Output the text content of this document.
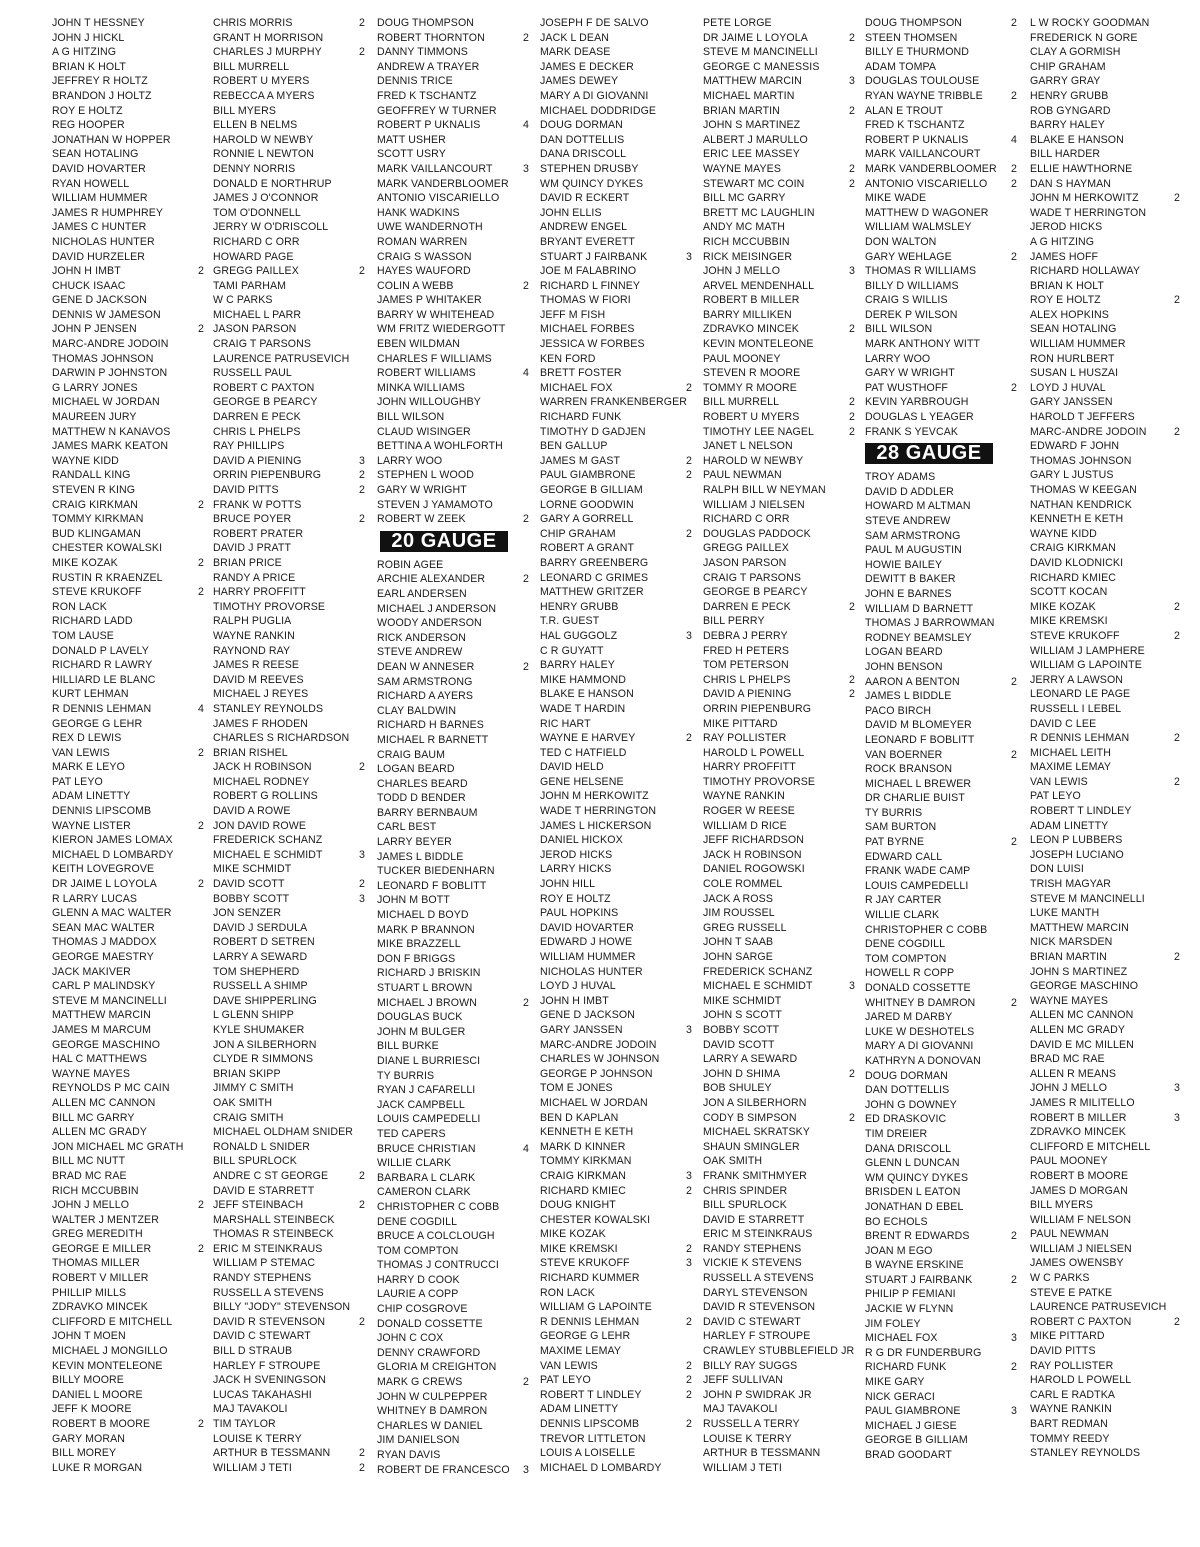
JOHN T HESSNEY
JOHN J HICKL
A G HITZING
BRIAN K HOLT
JEFFREY R HOLTZ
BRANDON J HOLTZ
ROY E HOLTZ
REG HOOPER
JONATHAN W HOPPER
SEAN HOTALING
DAVID HOVARTER
RYAN HOWELL
WILLIAM HUMMER
JAMES R HUMPHREY
JAMES C HUNTER
NICHOLAS HUNTER
DAVID HURZELER
JOHN H IMBT	2
CHUCK ISAAC
GENE D JACKSON
DENNIS W JAMESON
JOHN P JENSEN	2
MARC-ANDRE JODOIN
THOMAS JOHNSON
DARWIN P JOHNSTON
G LARRY JONES
MICHAEL W JORDAN
MAUREEN JURY
MATTHEW N KANAVOS
JAMES MARK KEATON
WAYNE KIDD
RANDALL KING
STEVEN R KING
CRAIG KIRKMAN	2
TOMMY KIRKMAN
BUD KLINGAMAN
CHESTER KOWALSKI
MIKE KOZAK	2
RUSTIN R KRAENZEL
STEVE KRUKOFF	2
RON LACK
RICHARD LADD
TOM LAUSE
DONALD P LAVELY
RICHARD R LAWRY
HILLIARD LE BLANC
KURT LEHMAN
R DENNIS LEHMAN	4
GEORGE G LEHR
REX D LEWIS
VAN LEWIS	2
MARK E LEYO
PAT LEYO
ADAM LINETTY
DENNIS LIPSCOMB
WAYNE LISTER	2
KIERON JAMES LOMAX
MICHAEL D LOMBARDY
KEITH LOVEGROVE
DR JAIME L LOYOLA	2
R LARRY LUCAS
GLENN A MAC WALTER
SEAN MAC WALTER
THOMAS J MADDOX
GEORGE MAESTRY
JACK MAKIVER
CARL P MALINDSKY
STEVE M MANCINELLI
MATTHEW MARCIN
JAMES M MARCUM
GEORGE MASCHINO
HAL C MATTHEWS
WAYNE MAYES
REYNOLDS P MC CAIN
ALLEN MC CANNON
BILL MC GARRY
ALLEN MC GRADY
JON MICHAEL MC GRATH
BILL MC NUTT
BRAD MC RAE
RICH MCCUBBIN
JOHN J MELLO	2
WALTER J MENTZER
GREG MEREDITH
GEORGE E MILLER	2
THOMAS MILLER
ROBERT V MILLER
PHILLIP MILLS
ZDRAVKO MINCEK
CLIFFORD E MITCHELL
JOHN T MOEN
MICHAEL J MONGILLO
KEVIN MONTELEONE
BILLY MOORE
DANIEL L MOORE
JEFF K MOORE
ROBERT B MOORE	2
GARY MORAN
BILL MOREY
LUKE R MORGAN
CHRIS MORRIS	2
GRANT H MORRISON
CHARLES J MURPHY	2
BILL MURRELL
ROBERT U MYERS
REBECCA A MYERS
BILL MYERS
ELLEN B NELMS
HAROLD W NEWBY
RONNIE L NEWTON
DENNY NORRIS
DONALD E NORTHRUP
JAMES J O'CONNOR
TOM O'DONNELL
JERRY W O'DRISCOLL
RICHARD C ORR
HOWARD PAGE
GREGG PAILLEX	2
TAMI PARHAM
W C PARKS
MICHAEL L PARR
JASON PARSON
CRAIG T PARSONS
LAURENCE PATRUSEVICH
RUSSELL PAUL
ROBERT C PAXTON
GEORGE B PEARCY
DARREN E PECK
CHRIS L PHELPS
RAY PHILLIPS
DAVID A PIENING	3
ORRIN PIEPENBURG	2
DAVID PITTS	2
FRANK W POTTS
BRUCE POYER	2
ROBERT PRATER
DAVID J PRATT
BRIAN PRICE
RANDY A PRICE
HARRY PROFFITT
TIMOTHY PROVORSE
RALPH PUGLIA
WAYNE RANKIN
RAYNOND RAY
JAMES R REESE
DAVID M REEVES
MICHAEL J REYES
STANLEY REYNOLDS
JAMES F RHODEN
CHARLES S RICHARDSON
BRIAN RISHEL
JACK H ROBINSON	2
MICHAEL RODNEY
ROBERT G ROLLINS
DAVID A ROWE
JON DAVID ROWE
FREDERICK SCHANZ
MICHAEL E SCHMIDT	3
MIKE SCHMIDT
DAVID SCOTT	2
BOBBY SCOTT	3
JON SENZER
DAVID J SERDULA
ROBERT D SETREN
LARRY A SEWARD
TOM SHEPHERD
RUSSELL A SHIMP
DAVE SHIPPERLING
L GLENN SHIPP
KYLE SHUMAKER
JON A SILBERHORN
CLYDE R SIMMONS
BRIAN SKIPP
JIMMY C SMITH
OAK SMITH
CRAIG SMITH
MICHAEL OLDHAM SNIDER
RONALD L SNIDER
BILL SPURLOCK
ANDRE C ST GEORGE	2
DAVID E STARRETT
JEFF STEINBACH	2
MARSHALL STEINBECK
THOMAS R STEINBECK
ERIC M STEINKRAUS
WILLIAM P STEMAC
RANDY STEPHENS
RUSSELL A STEVENS
BILLY "JODY" STEVENSON
DAVID R STEVENSON	2
DAVID C STEWART
BILL D STRAUB
HARLEY F STROUPE
JACK H SVENINGSON
LUCAS TAKAHASHI
MAJ TAVAKOLI
TIM TAYLOR
LOUISE K TERRY
ARTHUR B TESSMANN	2
WILLIAM J TETI	2
DOUG THOMPSON
ROBERT THORNTON	2
DANNY TIMMONS
ANDREW A TRAYER
DENNIS TRICE
FRED K TSCHANTZ
GEOFFREY W TURNER
ROBERT P UKNALIS	4
MATT USHER
SCOTT USRY
MARK VAILLANCOURT	3
MARK VANDERBLOOMER
ANTONIO VISCARIELLO
HANK WADKINS
UWE WANDERNOTH
ROMAN WARREN
CRAIG S WASSON
HAYES WAUFORD
COLIN A WEBB	2
JAMES P WHITAKER
BARRY W WHITEHEAD
WM FRITZ WIEDERGOTT
EBEN WILDMAN
CHARLES F WILLIAMS
ROBERT WILLIAMS	4
MINKA WILLIAMS
JOHN WILLOUGHBY
BILL WILSON
CLAUD WISINGER
BETTINA A WOHLFORTH
LARRY WOO
STEPHEN L WOOD
GARY W WRIGHT
STEVEN J YAMAMOTO
ROBERT W ZEEK	2
20 GAUGE
ROBIN AGEE
ARCHIE ALEXANDER	2
EARL ANDERSEN
MICHAEL J ANDERSON
WOODY ANDERSON
RICK ANDERSON
STEVE ANDREW
DEAN W ANNESER	2
SAM ARMSTRONG
RICHARD A AYERS
CLAY BALDWIN
RICHARD H BARNES
MICHAEL R BARNETT
CRAIG BAUM
LOGAN BEARD
CHARLES BEARD
TODD D BENDER
BARRY BERNBAUM
CARL BEST
LARRY BEYER
JAMES L BIDDLE
TUCKER BIEDENHARN
LEONARD F BOBLITT
JOHN M BOTT
MICHAEL D BOYD
MARK P BRANNON
MIKE BRAZZELL
DON F BRIGGS
RICHARD J BRISKIN
STUART L BROWN
MICHAEL J BROWN	2
DOUGLAS BUCK
JOHN M BULGER
BILL BURKE
DIANE L BURRIESCI
TY BURRIS
RYAN J CAFARELLI
JACK CAMPBELL
LOUIS CAMPEDELLI
TED CAPERS
BRUCE CHRISTIAN	4
WILLIE CLARK
BARBARA L CLARK
CAMERON CLARK
CHRISTOPHER C COBB
DENE COGDILL
BRUCE A COLCLOUGH
TOM COMPTON
THOMAS J CONTRUCCI
HARRY D COOK
LAURIE A COPP
CHIP COSGROVE
DONALD COSSETTE
JOHN C COX
DENNY CRAWFORD
GLORIA M CREIGHTON
MARK G CREWS	2
JOHN W CULPEPPER
WHITNEY B DAMRON
CHARLES W DANIEL
JIM DANIELSON
RYAN DAVIS
ROBERT DE FRANCESCO	3
JOSEPH F DE SALVO
JACK L DEAN
MARK DEASE
JAMES E DECKER
JAMES DEWEY
MARY A DI GIOVANNI
MICHAEL DODDRIDGE
DOUG DORMAN
DAN DOTTELLIS
DANA DRISCOLL
STEPHEN DRUSBY
WM QUINCY DYKES
DAVID R ECKERT
JOHN ELLIS
ANDREW ENGEL
BRYANT EVERETT
STUART J FAIRBANK	3
JOE M FALABRINO
RICHARD L FINNEY
THOMAS W FIORI
JEFF M FISH
MICHAEL FORBES
JESSICA W FORBES
KEN FORD
BRETT FOSTER
MICHAEL FOX	2
WARREN FRANKENBERGER
RICHARD FUNK
TIMOTHY D GADJEN
BEN GALLUP
JAMES M GAST	2
PAUL GIAMBRONE	2
GEORGE B GILLIAM
LORNE GOODWIN
GARY A GORRELL
CHIP GRAHAM	2
ROBERT A GRANT
BARRY GREENBERG
LEONARD C GRIMES
MATTHEW GRITZER
HENRY GRUBB
T.R. GUEST
HAL GUGGOLZ	3
C R GUYATT
BARRY HALEY
MIKE HAMMOND
BLAKE E HANSON
WADE T HARDIN
RIC HART
WAYNE E HARVEY	2
TED C HATFIELD
DAVID HELD
GENE HELSENE
JOHN M HERKOWITZ
WADE T HERRINGTON
JAMES L HICKERSON
DANIEL HICKOX
JEROD HICKS
LARRY HICKS
JOHN HILL
ROY E HOLTZ
PAUL HOPKINS
DAVID HOVARTER
EDWARD J HOWE
WILLIAM HUMMER
NICHOLAS HUNTER
LOYD J HUVAL
JOHN H IMBT
GENE D JACKSON
GARY JANSSEN	3
MARC-ANDRE JODOIN
CHARLES W JOHNSON
GEORGE P JOHNSON
TOM E JONES
MICHAEL W JORDAN
BEN D KAPLAN
KENNETH E KETH
MARK D KINNER
TOMMY KIRKMAN
CRAIG KIRKMAN	3
RICHARD KMIEC	2
DOUG KNIGHT
CHESTER KOWALSKI
MIKE KOZAK
MIKE KREMSKI	2
STEVE KRUKOFF	3
RICHARD KUMMER
RON LACK
WILLIAM G LAPOINTE
R DENNIS LEHMAN	2
GEORGE G LEHR
MAXIME LEMAY
VAN LEWIS	2
PAT LEYO	2
ROBERT T LINDLEY	2
ADAM LINETTY
DENNIS LIPSCOMB	2
TREVOR LITTLETON
LOUIS A LOISELLE
MICHAEL D LOMBARDY
PETE LORGE
DR JAIME L LOYOLA	2
STEVE M MANCINELLI
GEORGE C MANESSIS
MATTHEW MARCIN	3
MICHAEL MARTIN
BRIAN MARTIN	2
JOHN S MARTINEZ
ALBERT J MARULLO
ERIC LEE MASSEY
WAYNE MAYES	2
STEWART MC COIN	2
BILL MC GARRY
BRETT MC LAUGHLIN
ANDY MC MATH
RICH MCCUBBIN
RICK MEISINGER
JOHN J MELLO	3
ARVEL MENDENHALL
ROBERT B MILLER
BARRY MILLIKEN
ZDRAVKO MINCEK	2
KEVIN MONTELEONE
PAUL MOONEY
STEVEN R MOORE
TOMMY R MOORE
BILL MURRELL	2
ROBERT U MYERS	2
TIMOTHY LEE NAGEL	2
JANET L NELSON
HAROLD W NEWBY
PAUL NEWMAN
RALPH BILL W NEYMAN
WILLIAM J NIELSEN
RICHARD C ORR
DOUGLAS PADDOCK
GREGG PAILLEX
JASON PARSON
CRAIG T PARSONS
GEORGE B PEARCY
DARREN E PECK	2
BILL PERRY
DEBRA J PERRY
FRED H PETERS
TOM PETERSON
CHRIS L PHELPS	2
DAVID A PIENING	2
ORRIN PIEPENBURG
MIKE PITTARD
RAY POLLISTER
HAROLD L POWELL
HARRY PROFFITT
TIMOTHY PROVORSE
WAYNE RANKIN
ROGER W REESE
WILLIAM D RICE
JEFF RICHARDSON
JACK H ROBINSON
DANIEL ROGOWSKI
COLE ROMMEL
JACK A ROSS
JIM ROUSSEL
GREG RUSSELL
JOHN T SAAB
JOHN SARGE
FREDERICK SCHANZ
MICHAEL E SCHMIDT	3
MIKE SCHMIDT
JOHN S SCOTT
BOBBY SCOTT
DAVID SCOTT
LARRY A SEWARD
JOHN D SHIMA	2
BOB SHULEY
JON A SILBERHORN
CODY B SIMPSON	2
MICHAEL SKRATSKY
SHAUN SMINGLER
OAK SMITH
FRANK SMITHMYER
CHRIS SPINDER
BILL SPURLOCK
DAVID E STARRETT
ERIC M STEINKRAUS
RANDY STEPHENS
VICKIE K STEVENS
RUSSELL A STEVENS
DARYL STEVENSON
DAVID R STEVENSON
DAVID C STEWART
HARLEY F STROUPE
CRAWLEY STUBBLEFIELD JR
BILLY RAY SUGGS
JEFF SULLIVAN
JOHN P SWIDRAK JR
MAJ TAVAKOLI
RUSSELL A TERRY
LOUISE K TERRY
ARTHUR B TESSMANN
WILLIAM J TETI
DOUG THOMPSON	2
STEEN THOMSEN
BILLY E THURMOND
ADAM TOMPA
DOUGLAS TOULOUSE
RYAN WAYNE TRIBBLE	2
ALAN E TROUT
FRED K TSCHANTZ
ROBERT P UKNALIS	4
MARK VAILLANCOURT
MARK VANDERBLOOMER	2
ANTONIO VISCARIELLO	2
MIKE WADE
MATTHEW D WAGONER
WILLIAM WALMSLEY
DON WALTON
GARY WEHLAGE	2
THOMAS R WILLIAMS
BILLY D WILLIAMS
CRAIG S WILLIS
DEREK P WILSON
BILL WILSON
MARK ANTHONY WITT
LARRY WOO
GARY W WRIGHT
PAT WUSTHOFF	2
KEVIN YARBROUGH
DOUGLAS L YEAGER
FRANK S YEVCAK
28 GAUGE
TROY ADAMS
DAVID D ADDLER
HOWARD M ALTMAN
STEVE ANDREW
SAM ARMSTRONG
PAUL M AUGUSTIN
HOWIE BAILEY
DEWITT B BAKER
JOHN E BARNES
WILLIAM D BARNETT
THOMAS J BARROWMAN
RODNEY BEAMSLEY
LOGAN BEARD
JOHN BENSON
AARON A BENTON	2
JAMES L BIDDLE
PACO BIRCH
DAVID M BLOMEYER
LEONARD F BOBLITT
VAN BOERNER	2
ROCK BRANSON
MICHAEL L BREWER
DR CHARLIE BUIST
TY BURRIS
SAM BURTON
PAT BYRNE	2
EDWARD CALL
FRANK WADE CAMP
LOUIS CAMPEDELLI
R JAY CARTER
WILLIE CLARK
CHRISTOPHER C COBB
DENE COGDILL
TOM COMPTON
HOWELL R COPP
DONALD COSSETTE
WHITNEY B DAMRON	2
JARED M DARBY
LUKE W DESHOTELS
MARY A DI GIOVANNI
KATHRYN A DONOVAN
DOUG DORMAN
DAN DOTTELLIS
JOHN G DOWNEY
ED DRASKOVIC
TIM DREIER
DANA DRISCOLL
GLENN L DUNCAN
WM QUINCY DYKES
BRISDEN L EATON
JONATHAN D EBEL
BO ECHOLS
BRENT R EDWARDS	2
JOAN M EGO
B WAYNE ERSKINE
STUART J FAIRBANK	2
PHILIP P FEMIANI
JACKIE W FLYNN
JIM FOLEY
MICHAEL FOX	3
R G DR FUNDERBURG
RICHARD FUNK	2
MIKE GARY
NICK GERACI
PAUL GIAMBRONE	3
MICHAEL J GIESE
GEORGE B GILLIAM
BRAD GOODART
L W ROCKY GOODMAN
FREDERICK N GORE
CLAY A GORMISH
CHIP GRAHAM
GARRY GRAY
HENRY GRUBB
ROB GYNGARD
BARRY HALEY
BLAKE E HANSON
BILL HARDER
ELLIE HAWTHORNE
DAN S HAYMAN
JOHN M HERKOWITZ	2
WADE T HERRINGTON
JEROD HICKS
A G HITZING
JAMES HOFF
RICHARD HOLLAWAY
BRIAN K HOLT
ROY E HOLTZ	2
ALEX HOPKINS
SEAN HOTALING
WILLIAM HUMMER
RON HURLBERT
SUSAN L HUSZAI
LOYD J HUVAL
GARY JANSSEN
HAROLD T JEFFERS
MARC-ANDRE JODOIN	2
EDWARD F JOHN
THOMAS JOHNSON
GARY L JUSTUS
THOMAS W KEEGAN
NATHAN KENDRICK
KENNETH E KETH
WAYNE KIDD
CRAIG KIRKMAN
DAVID KLODNICKI
RICHARD KMIEC
SCOTT KOCAN
MIKE KOZAK	2
MIKE KREMSKI
STEVE KRUKOFF	2
WILLIAM J LAMPHERE
WILLIAM G LAPOINTE
JERRY A LAWSON
LEONARD LE PAGE
RUSSELL I LEBEL
DAVID C LEE
R DENNIS LEHMAN	2
MICHAEL LEITH
MAXIME LEMAY
VAN LEWIS	2
PAT LEYO
ROBERT T LINDLEY
ADAM LINETTY
LEON P LUBBERS
JOSEPH LUCIANO
DON LUISI
TRISH MAGYAR
STEVE M MANCINELLI
LUKE MANTH
MATTHEW MARCIN
NICK MARSDEN
BRIAN MARTIN	2
JOHN S MARTINEZ
GEORGE MASCHINO
WAYNE MAYES
ALLEN MC CANNON
ALLEN MC GRADY
DAVID E MC MILLEN
BRAD MC RAE
ALLEN R MEANS
JOHN J MELLO	3
JAMES R MILITELLO
ROBERT B MILLER	3
ZDRAVKO MINCEK
CLIFFORD E MITCHELL
PAUL MOONEY
ROBERT B MOORE
JAMES D MORGAN
BILL MYERS
WILLIAM F NELSON
PAUL NEWMAN
WILLIAM J NIELSEN
JAMES OWENSBY
W C PARKS
STEVE E PATKE
LAURENCE PATRUSEVICH
ROBERT C PAXTON	2
MIKE PITTARD
DAVID PITTS
RAY POLLISTER
HAROLD L POWELL
CARL E RADTKA
WAYNE RANKIN
BART REDMAN
TOMMY REEDY
STANLEY REYNOLDS
